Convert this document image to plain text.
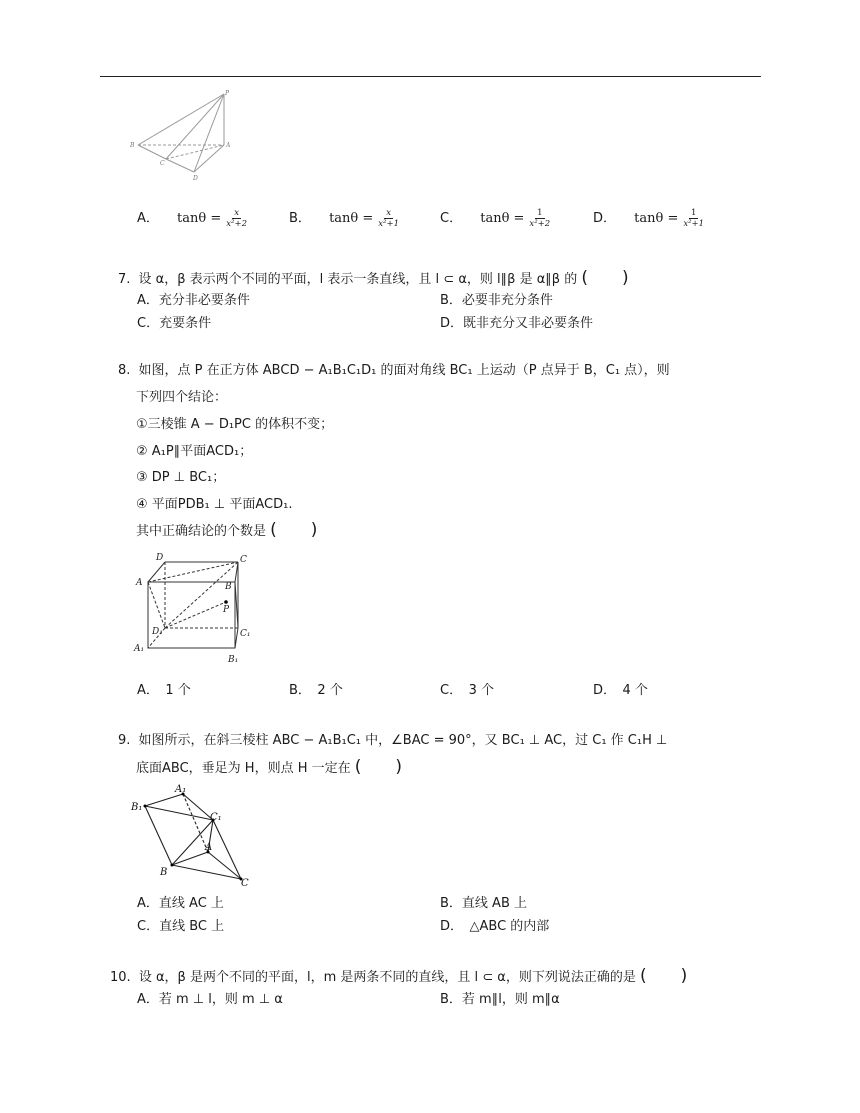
P
A
B
C
D
A． $\tan\theta = \frac{x}{\text{x²+2}}$	B． $\tan\theta = \frac{x}{\text{x²+1}}$	C． $\tan\theta = \frac{1}{\text{x²+2}}$	D． $\tan\theta = \frac{1}{\text{x²+1}}$
7. 设 α，β 表示两个不同的平面，l 表示一条直线，且 l ⊂ α，则 l∥β 是 α∥β 的 (　　)
A．充分非必要条件	B．必要非充分条件
C．充要条件	D．既非充分又非必要条件
8. 如图，点 P 在正方体 ABCD − A₁B₁C₁D₁ 的面对角线 BC₁ 上运动（P 点异于 B，C₁ 点），则
下列四个结论：
①三棱锥 A − D₁PC 的体积不变；
② A₁P∥平面ACD₁；
③ DP ⊥ BC₁；
④ 平面PDB₁ ⊥ 平面ACD₁.
其中正确结论的个数是 (　　)
D	C
A	B
P
D₁	C₁
A₁
B₁
A．　1 个	B．　2 个	C．　3 个	D．　4 个
9. 如图所示，在斜三棱柱 ABC − A₁B₁C₁ 中，∠BAC = 90°，又 BC₁ ⊥ AC，过 C₁ 作 C₁H ⊥
底面ABC，垂足为 H，则点 H 一定在 (　　)
A₁
B₁
C₁
A
B
C
A．直线 AC 上	B．直线 AB 上
C．直线 BC 上	D．　△ABC 的内部
10. 设 α，β 是两个不同的平面，l，m 是两条不同的直线，且 l ⊂ α，则下列说法正确的是 (　　)
A．若 m ⊥ l，则 m ⊥ α	B．若 m∥l，则 m∥α
